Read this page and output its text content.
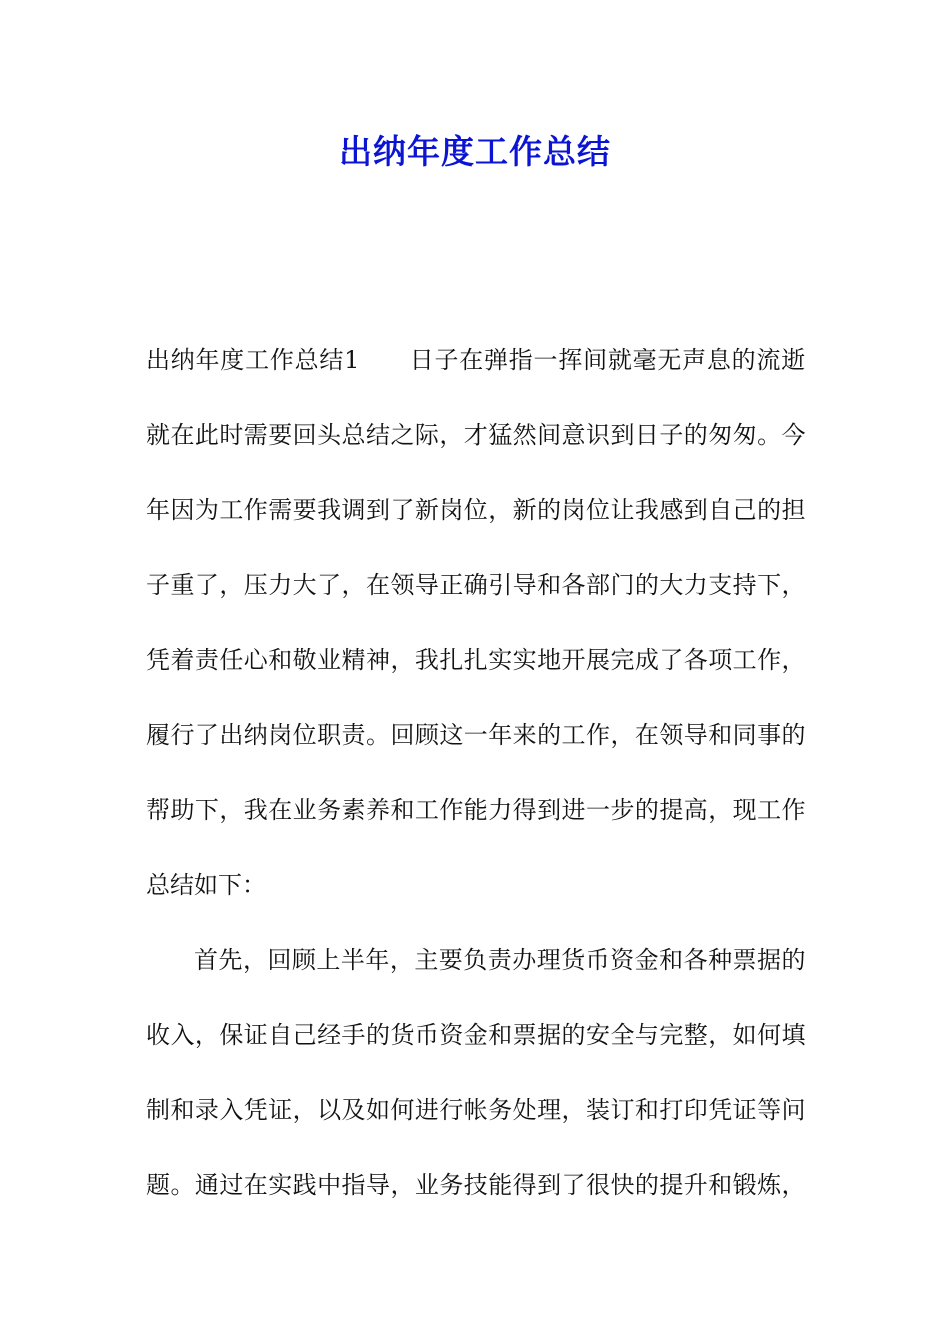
出纳年度工作总结
出纳年度工作总结1　　日子在弹指一挥间就毫无声息的流逝
就在此时需要回头总结之际，才猛然间意识到日子的匆匆。今
年因为工作需要我调到了新岗位，新的岗位让我感到自己的担
子重了，压力大了，在领导正确引导和各部门的大力支持下，
凭着责任心和敬业精神，我扎扎实实地开展完成了各项工作，
履行了出纳岗位职责。回顾这一年来的工作，在领导和同事的
帮助下，我在业务素养和工作能力得到进一步的提高，现工作
总结如下：
首先，回顾上半年，主要负责办理货币资金和各种票据的
收入，保证自己经手的货币资金和票据的安全与完整，如何填
制和录入凭证，以及如何进行帐务处理，装订和打印凭证等问
题。通过在实践中指导，业务技能得到了很快的提升和锻炼，
